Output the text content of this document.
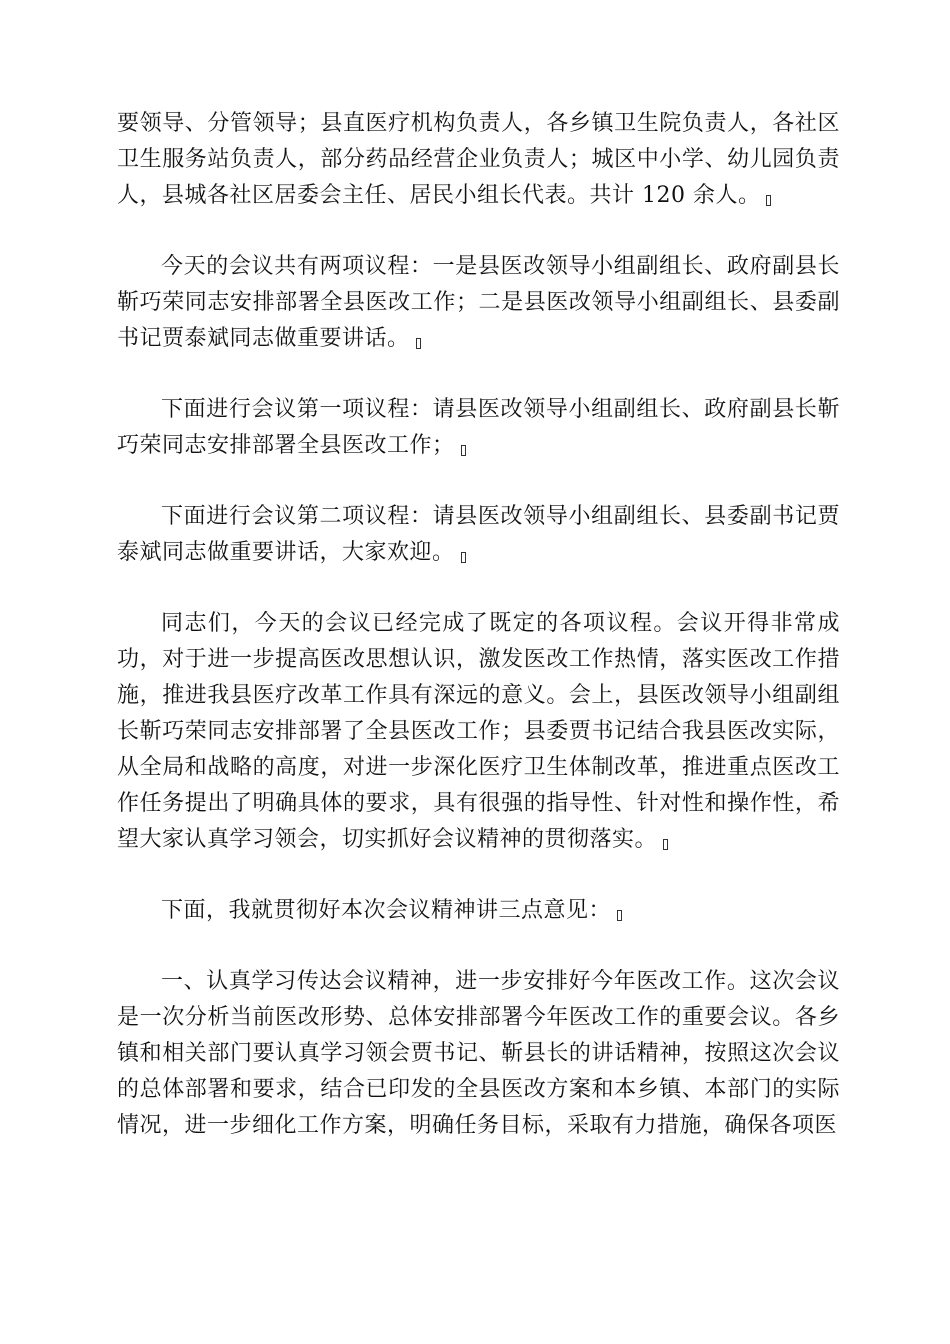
要领导、分管领导；县直医疗机构负责人，各乡镇卫生院负责人，各社区卫生服务站负责人，部分药品经营企业负责人；城区中小学、幼儿园负责人，县城各社区居委会主任、居民小组长代表。共计 120 余人。

今天的会议共有两项议程：一是县医改领导小组副组长、政府副县长靳巧荣同志安排部署全县医改工作；二是县医改领导小组副组长、县委副书记贾泰斌同志做重要讲话。

下面进行会议第一项议程：请县医改领导小组副组长、政府副县长靳巧荣同志安排部署全县医改工作；

下面进行会议第二项议程：请县医改领导小组副组长、县委副书记贾泰斌同志做重要讲话，大家欢迎。

同志们，今天的会议已经完成了既定的各项议程。会议开得非常成功，对于进一步提高医改思想认识，激发医改工作热情，落实医改工作措施，推进我县医疗改革工作具有深远的意义。会上，县医改领导小组副组长靳巧荣同志安排部署了全县医改工作；县委贾书记结合我县医改实际，从全局和战略的高度，对进一步深化医疗卫生体制改革，推进重点医改工作任务提出了明确具体的要求，具有很强的指导性、针对性和操作性，希望大家认真学习领会，切实抓好会议精神的贯彻落实。

下面，我就贯彻好本次会议精神讲三点意见：

一、认真学习传达会议精神，进一步安排好今年医改工作。这次会议是一次分析当前医改形势、总体安排部署今年医改工作的重要会议。各乡镇和相关部门要认真学习领会贾书记、靳县长的讲话精神，按照这次会议的总体部署和要求，结合已印发的全县医改方案和本乡镇、本部门的实际情况，进一步细化工作方案，明确任务目标，采取有力措施，确保各项医
